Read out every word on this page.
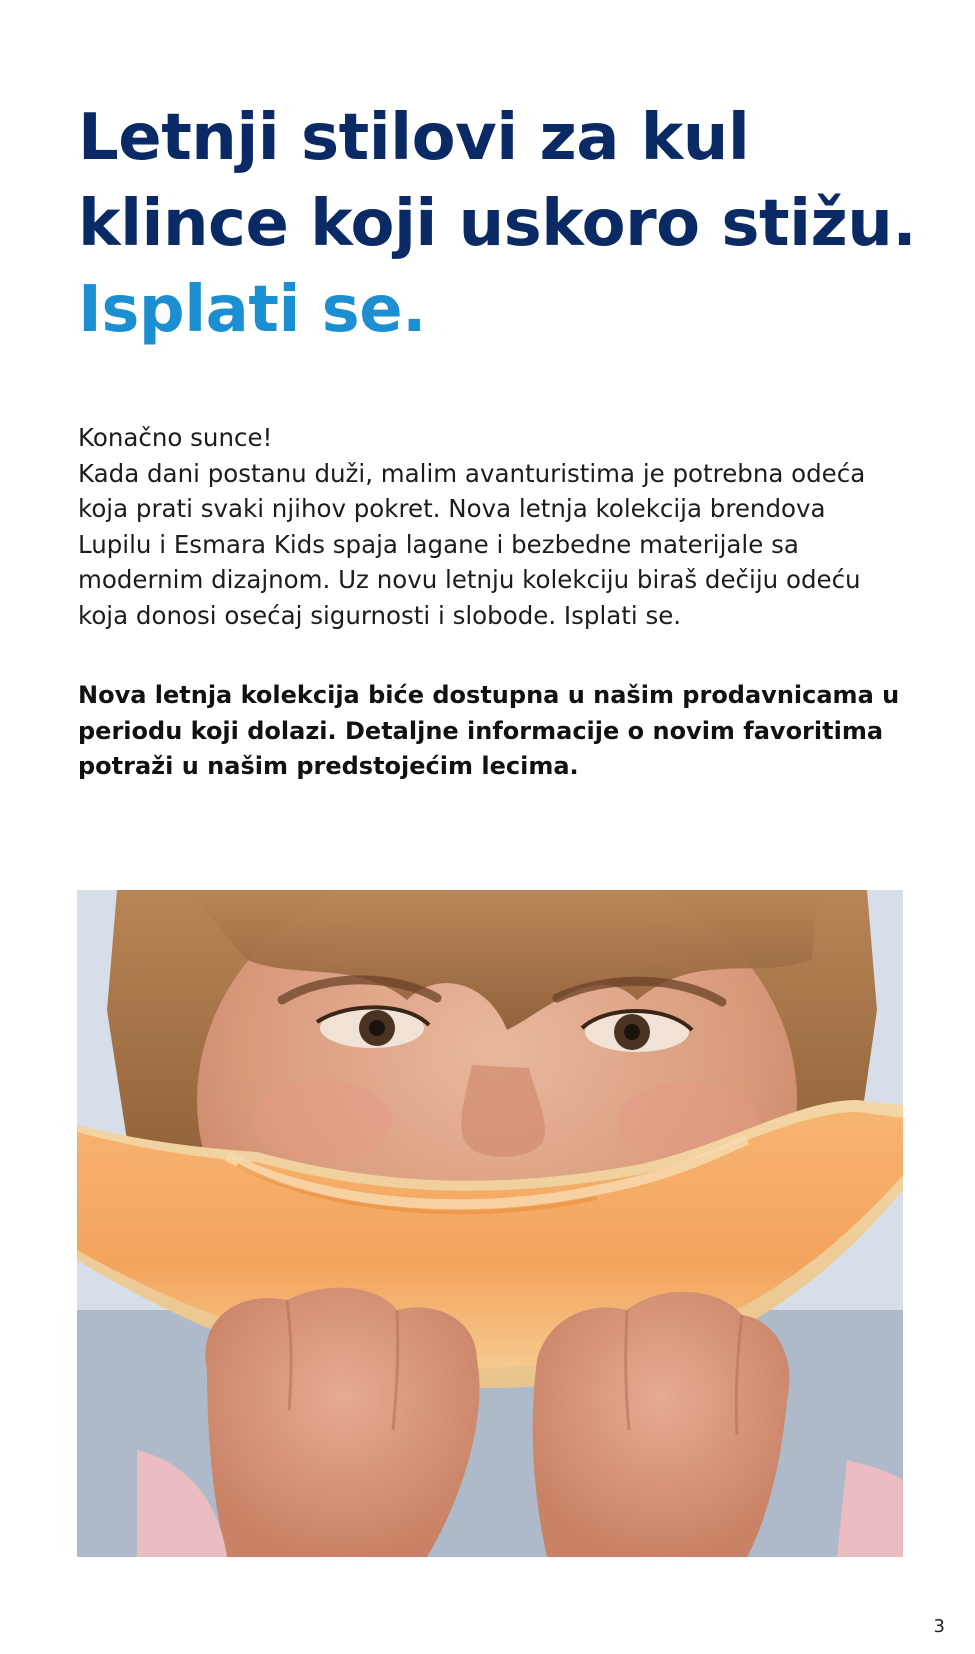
Letnji stilovi za kul
klince koji uskoro stižu.
Isplati se.
Konačno sunce!
Kada dani postanu duži, malim avanturistima je potrebna odeća
koja prati svaki njihov pokret. Nova letnja kolekcija brendova
Lupilu i Esmara Kids spaja lagane i bezbedne materijale sa
modernim dizajnom. Uz novu letnju kolekciju biraš dečiju odeću
koja donosi osećaj sigurnosti i slobode. Isplati se.
Nova letnja kolekcija biće dostupna u našim prodavnicama u
periodu koji dolazi. Detaljne informacije o novim favoritima
potraži u našim predstojećim lecima.
3
